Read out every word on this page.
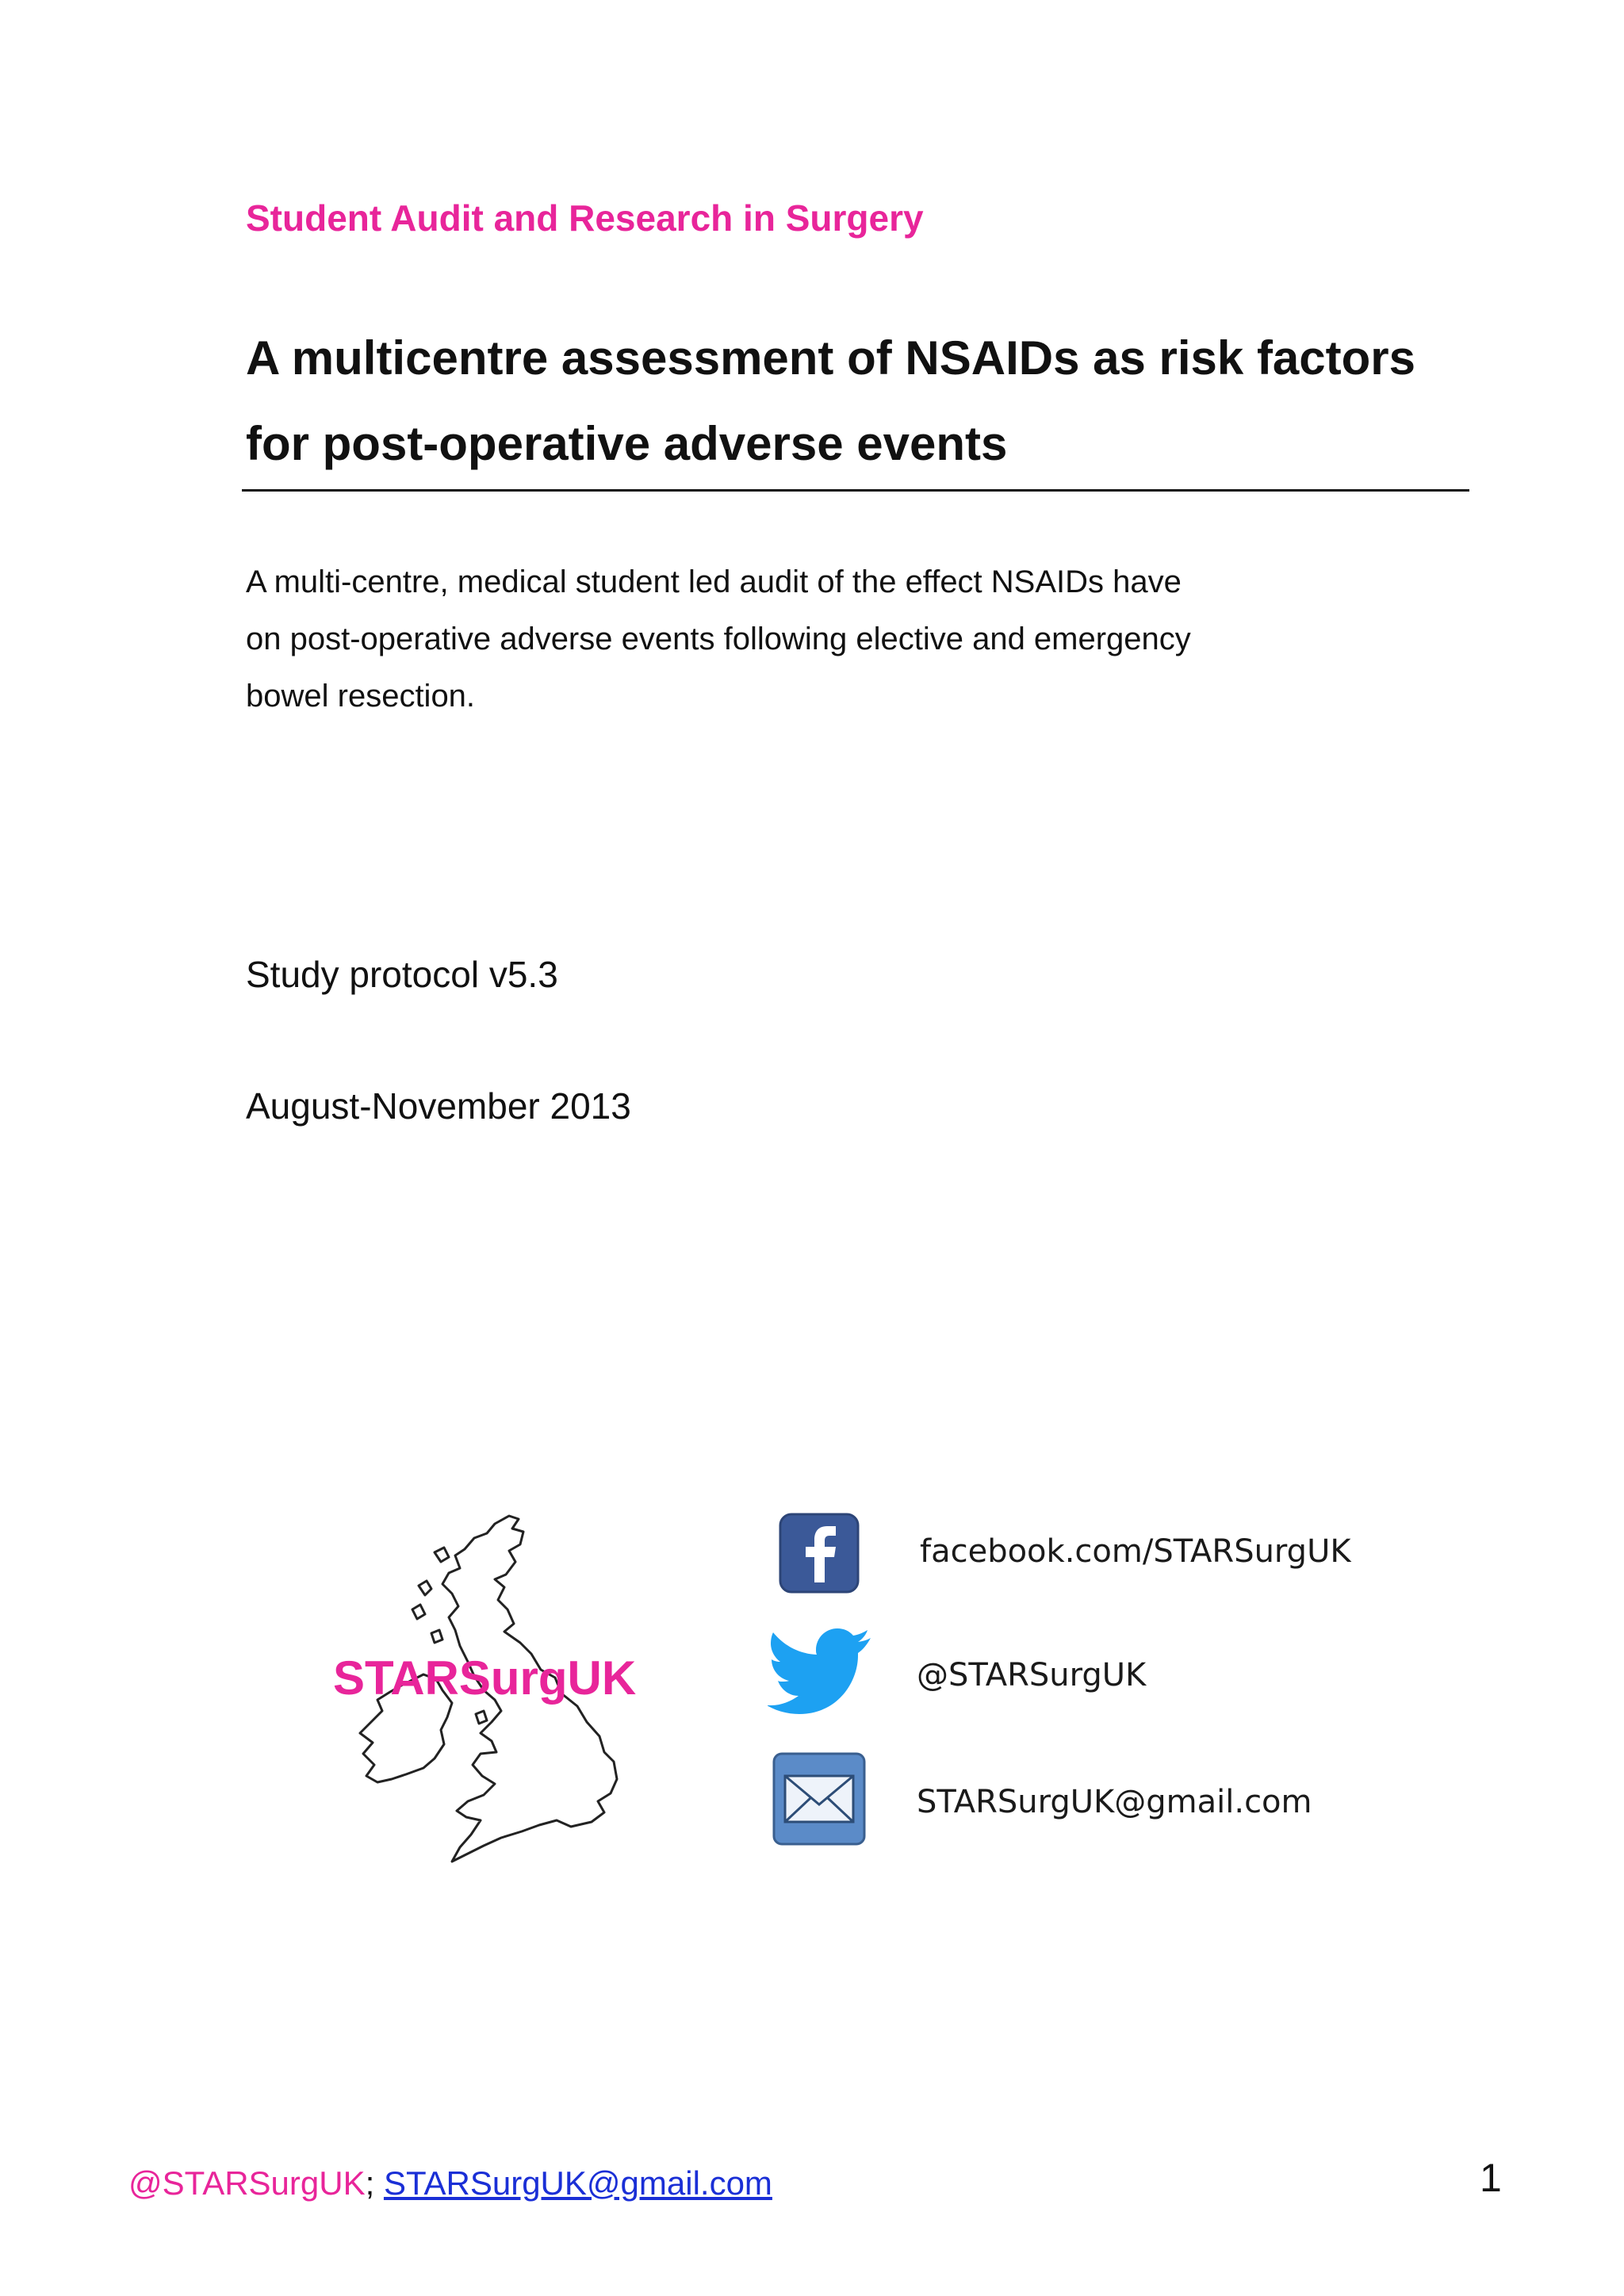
Student Audit and Research in Surgery
A multicentre assessment of NSAIDs as risk factors for post-operative adverse events
A multi-centre, medical student led audit of the effect NSAIDs have
on post-operative adverse events following elective and emergency
bowel resection.
Study protocol v5.3
August-November 2013
STARSurgUK
facebook.com/STARSurgUK
@STARSurgUK
STARSurgUK@gmail.com
@STARSurgUK; STARSurgUK@gmail.com	1
